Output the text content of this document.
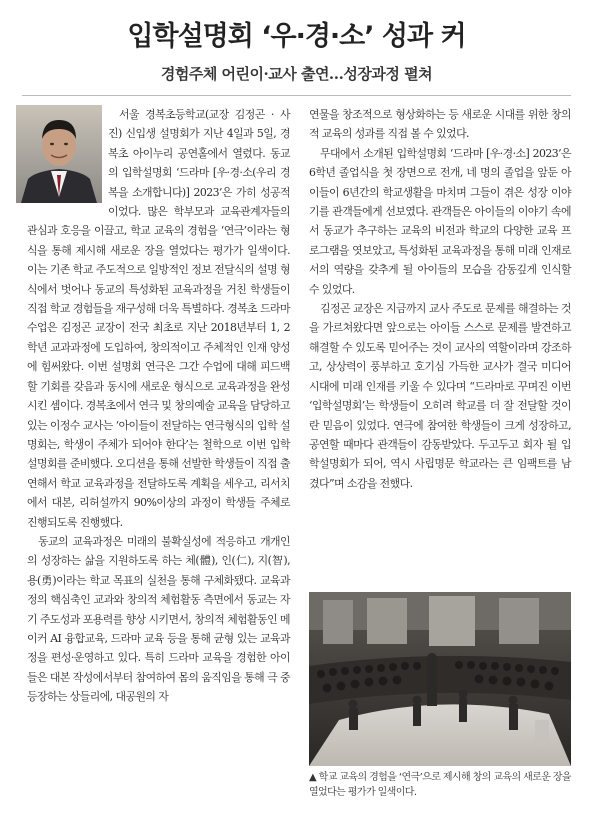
입학설명회 ‘우·경·소’ 성과 커
경험주체 어린이·교사 출연…성장과정 펼쳐

서울 경복초등학교(교장 김정곤 · 사진) 신입생 설명회가 지난 4일과 5일, 경복초 아이누리 공연홀에서 열렸다. 동교의 입학설명회 ‘드라마 [우·경·소(우리 경복을 소개합니다)] 2023’은 가히 성공적이었다. 많은 학부모과 교육관계자들의 관심과 호응을 이끌고, 학교 교육의 경험을 ‘연극’이라는 형식을 통해 제시해 새로운 장을 열었다는 평가가 일색이다. 이는 기존 학교 주도적으로 일방적인 정보 전달식의 설명 형식에서 벗어나 동교의 특성화된 교육과정을 거친 학생들이 직접 학교 경험들을 재구성해 더욱 특별하다. 경복초 드라마수업은 김정곤 교장이 전국 최초로 지난 2018년부터 1, 2학년 교과과정에 도입하여, 창의적이고 주체적인 인재 양성에 힘써왔다. 이번 설명회 연극은 그간 수업에 대해 피드백할 기회를 갖음과 동시에 새로운 형식으로 교육과정을 완성시킨 셈이다. 경복초에서 연극 및 창의예술 교육을 담당하고 있는 이정수 교사는 ‘아이들이 전달하는 연극형식의 입학 설명회는, 학생이 주체가 되어야 한다’는 철학으로 이번 입학설명회를 준비했다. 오디션을 통해 선발한 학생들이 직접 출연해서 학교 교육과정을 전달하도록 계획을 세우고, 리서치에서 대본, 리허설까지 90%이상의 과정이 학생들 주체로 진행되도록 진행했다.

동교의 교육과정은 미래의 불확실성에 적응하고 개개인의 성장하는 삶을 지원하도록 하는 체(體), 인(仁), 지(智), 용(勇)이라는 학교 목표의 실천을 통해 구체화됐다. 교육과정의 핵심축인 교과와 창의적 체험활동 측면에서 동교는 자기 주도성과 포용력를 향상 시키면서, 창의적 체험활동인 메이커 AI 융합교육, 드라마 교육 등을 통해 균형 있는 교육과정을 편성·운영하고 있다. 특히 드라마 교육을 경험한 아이들은 대본 작성에서부터 참여하여 몸의 움직임을 통해 극 중 등장하는 상들리에, 대공원의 자

연물을 창조적으로 형상화하는 등 새로운 시대를 위한 창의적 교육의 성과를 직접 볼 수 있었다.

무대에서 소개된 입학설명회 ‘드라마 [우·경·소] 2023’은 6학년 졸업식을 첫 장면으로 전개, 네 명의 졸업을 앞둔 아이들이 6년간의 학교생활을 마치며 그들이 겪은 성장 이야기를 관객들에게 선보였다. 관객들은 아이들의 이야기 속에서 동교가 추구하는 교육의 비전과 학교의 다양한 교육 프로그램을 엿보았고, 특성화된 교육과정을 통해 미래 인재로서의 역량을 갖추게 될 아이들의 모습을 감동깊게 인식할 수 있었다.

김정곤 교장은 지금까지 교사 주도로 문제를 해결하는 것을 가르쳐왔다면 앞으로는 아이들 스스로 문제를 발견하고 해결할 수 있도록 믿어주는 것이 교사의 역할이라며 강조하고, 상상력이 풍부하고 호기심 가득한 교사가 결국 미디어 시대에 미래 인재를 키울 수 있다며 “드라마로 꾸며진 이번 ‘입학설명회’는 학생들이 오히려 학교를 더 잘 전달할 것이란 믿음이 있었다. 연극에 참여한 학생들이 크게 성장하고, 공연할 때마다 관객들이 감동받았다. 두고두고 회자 될 입학설명회가 되어, 역시 사립명문 학교라는 큰 임팩트를 남겼다”며 소감을 전했다.

▲ 학교 교육의 경험을 ‘연극’으로 제시해 창의 교육의 새로운 장을 열었다는 평가가 일색이다.
